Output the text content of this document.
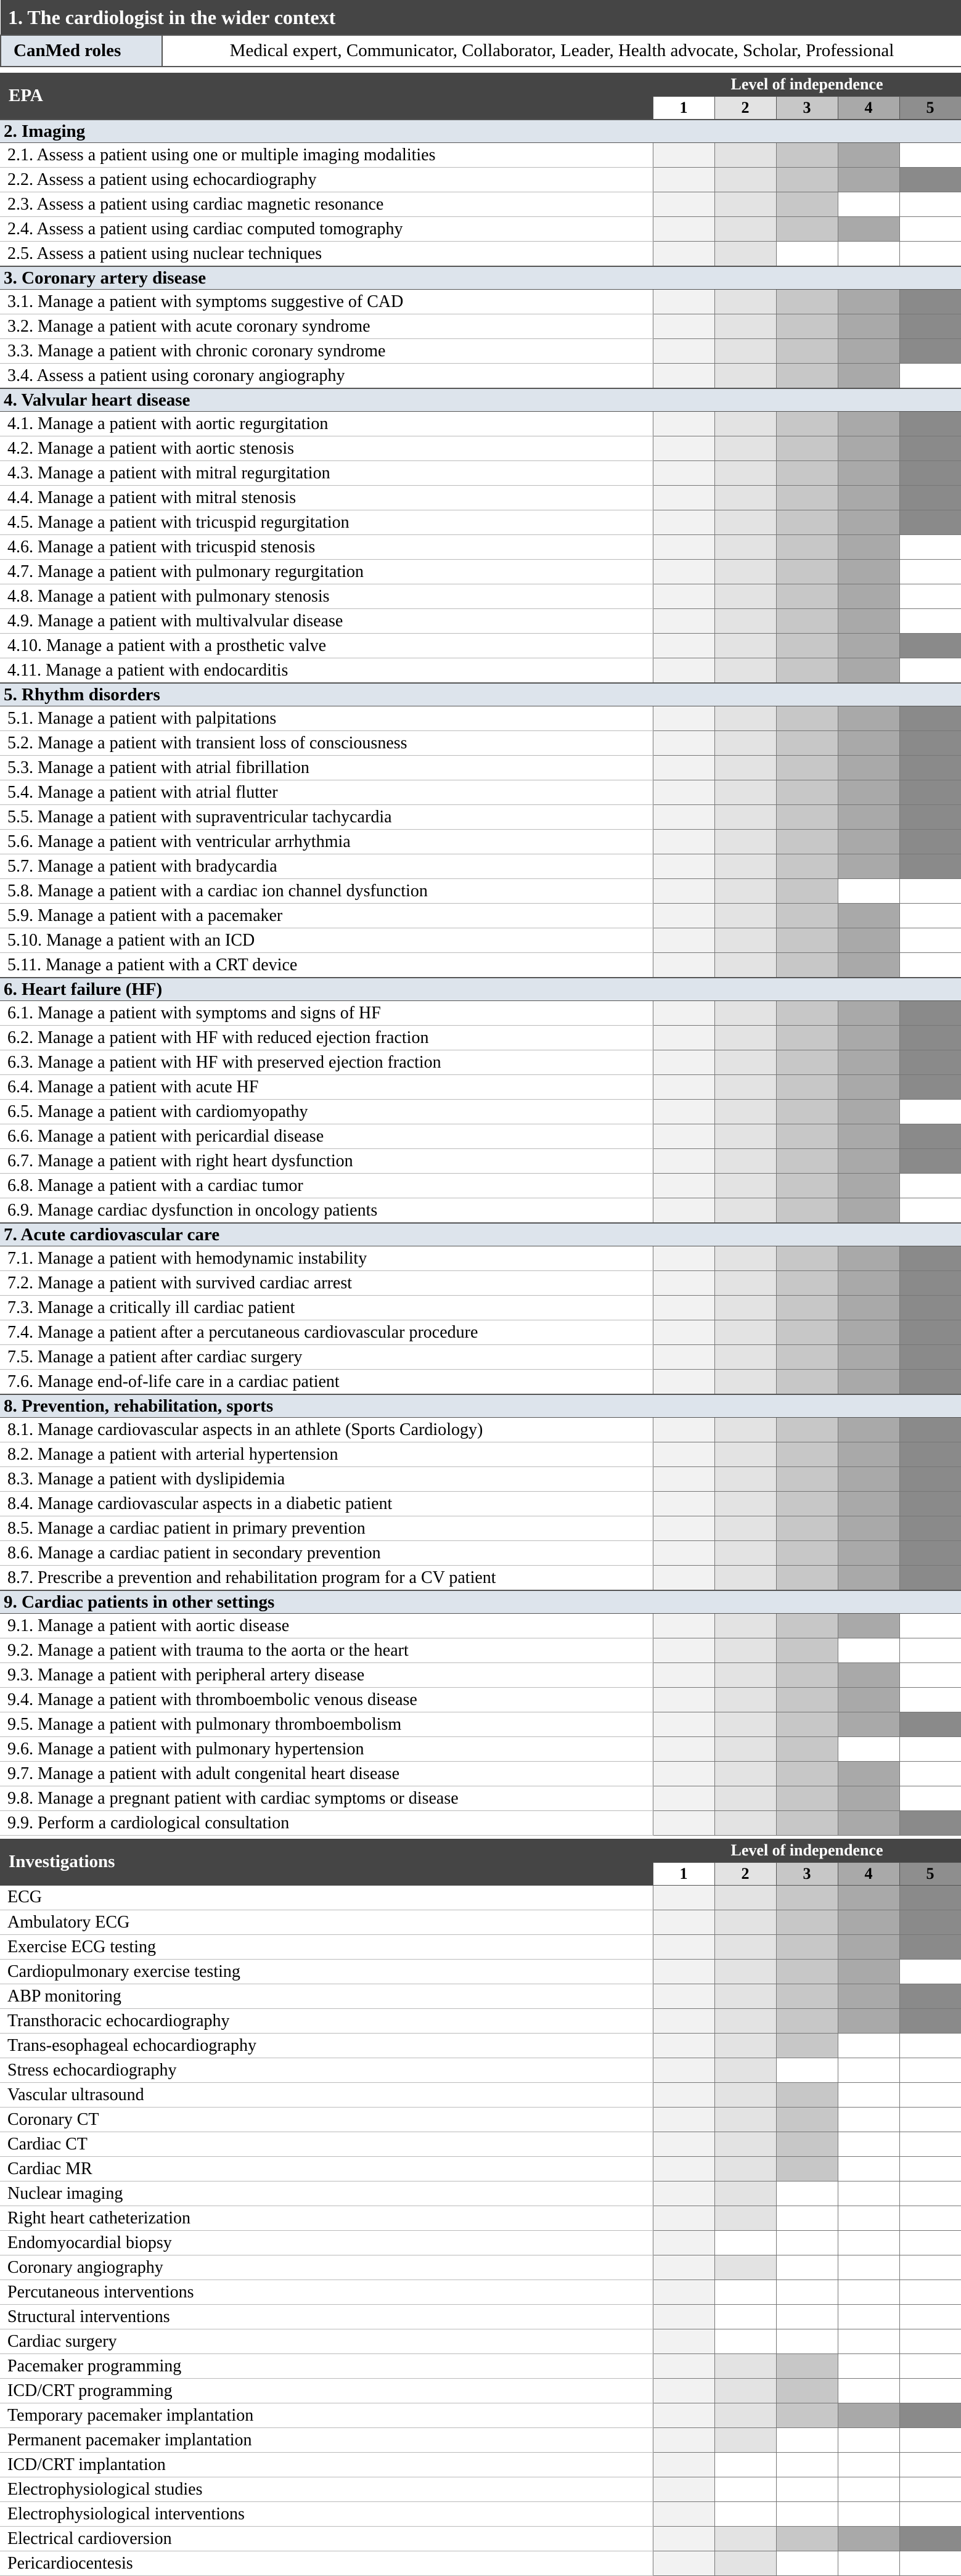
1. The cardiologist in the wider context
CanMed roles	Medical expert, Communicator, Collaborator, Leader, Health advocate, Scholar, Professional
EPA	Level of independence				
	1	2	3	4	5
2. Imaging					
2.1. Assess a patient using one or multiple imaging modalities					
2.2. Assess a patient using echocardiography					
2.3. Assess a patient using cardiac magnetic resonance					
2.4. Assess a patient using cardiac computed tomography					
2.5. Assess a patient using nuclear techniques					
3. Coronary artery disease					
3.1. Manage a patient with symptoms suggestive of CAD					
3.2. Manage a patient with acute coronary syndrome					
3.3. Manage a patient with chronic coronary syndrome					
3.4. Assess a patient using coronary angiography					
4. Valvular heart disease					
4.1. Manage a patient with aortic regurgitation					
4.2. Manage a patient with aortic stenosis					
4.3. Manage a patient with mitral regurgitation					
4.4. Manage a patient with mitral stenosis					
4.5. Manage a patient with tricuspid regurgitation					
4.6. Manage a patient with tricuspid stenosis					
4.7. Manage a patient with pulmonary regurgitation					
4.8. Manage a patient with pulmonary stenosis					
4.9. Manage a patient with multivalvular disease					
4.10. Manage a patient with a prosthetic valve					
4.11. Manage a patient with endocarditis					
5. Rhythm disorders					
5.1. Manage a patient with palpitations					
5.2. Manage a patient with transient loss of consciousness					
5.3. Manage a patient with atrial fibrillation					
5.4. Manage a patient with atrial flutter					
5.5. Manage a patient with supraventricular tachycardia					
5.6. Manage a patient with ventricular arrhythmia					
5.7. Manage a patient with bradycardia					
5.8. Manage a patient with a cardiac ion channel dysfunction					
5.9. Manage a patient with a pacemaker					
5.10. Manage a patient with an ICD					
5.11. Manage a patient with a CRT device					
6. Heart failure (HF)					
6.1. Manage a patient with symptoms and signs of HF					
6.2. Manage a patient with HF with reduced ejection fraction					
6.3. Manage a patient with HF with preserved ejection fraction					
6.4. Manage a patient with acute HF					
6.5. Manage a patient with cardiomyopathy					
6.6. Manage a patient with pericardial disease					
6.7. Manage a patient with right heart dysfunction					
6.8. Manage a patient with a cardiac tumor					
6.9. Manage cardiac dysfunction in oncology patients					
7. Acute cardiovascular care					
7.1. Manage a patient with hemodynamic instability					
7.2. Manage a patient with survived cardiac arrest					
7.3. Manage a critically ill cardiac patient					
7.4. Manage a patient after a percutaneous cardiovascular procedure					
7.5. Manage a patient after cardiac surgery					
7.6. Manage end-of-life care in a cardiac patient					
8. Prevention, rehabilitation, sports					
8.1. Manage cardiovascular aspects in an athlete (Sports Cardiology)					
8.2. Manage a patient with arterial hypertension					
8.3. Manage a patient with dyslipidemia					
8.4. Manage cardiovascular aspects in a diabetic patient					
8.5. Manage a cardiac patient in primary prevention					
8.6. Manage a cardiac patient in secondary prevention					
8.7. Prescribe a prevention and rehabilitation program for a CV patient					
9. Cardiac patients in other settings					
9.1. Manage a patient with aortic disease					
9.2. Manage a patient with trauma to the aorta or the heart					
9.3. Manage a patient with peripheral artery disease					
9.4. Manage a patient with thromboembolic venous disease					
9.5. Manage a patient with pulmonary thromboembolism					
9.6. Manage a patient with pulmonary hypertension					
9.7. Manage a patient with adult congenital heart disease					
9.8. Manage a pregnant patient with cardiac symptoms or disease					
9.9. Perform a cardiological consultation					
Investigations	Level of independence				
	1	2	3	4	5
ECG					
Ambulatory ECG					
Exercise ECG testing					
Cardiopulmonary exercise testing					
ABP monitoring					
Transthoracic echocardiography					
Trans-esophageal echocardiography					
Stress echocardiography					
Vascular ultrasound					
Coronary CT					
Cardiac CT					
Cardiac MR					
Nuclear imaging					
Right heart catheterization					
Endomyocardial biopsy					
Coronary angiography					
Percutaneous interventions					
Structural interventions					
Cardiac surgery					
Pacemaker programming					
ICD/CRT programming					
Temporary pacemaker implantation					
Permanent pacemaker implantation					
ICD/CRT implantation					
Electrophysiological studies					
Electrophysiological interventions					
Electrical cardioversion					
Pericardiocentesis					
